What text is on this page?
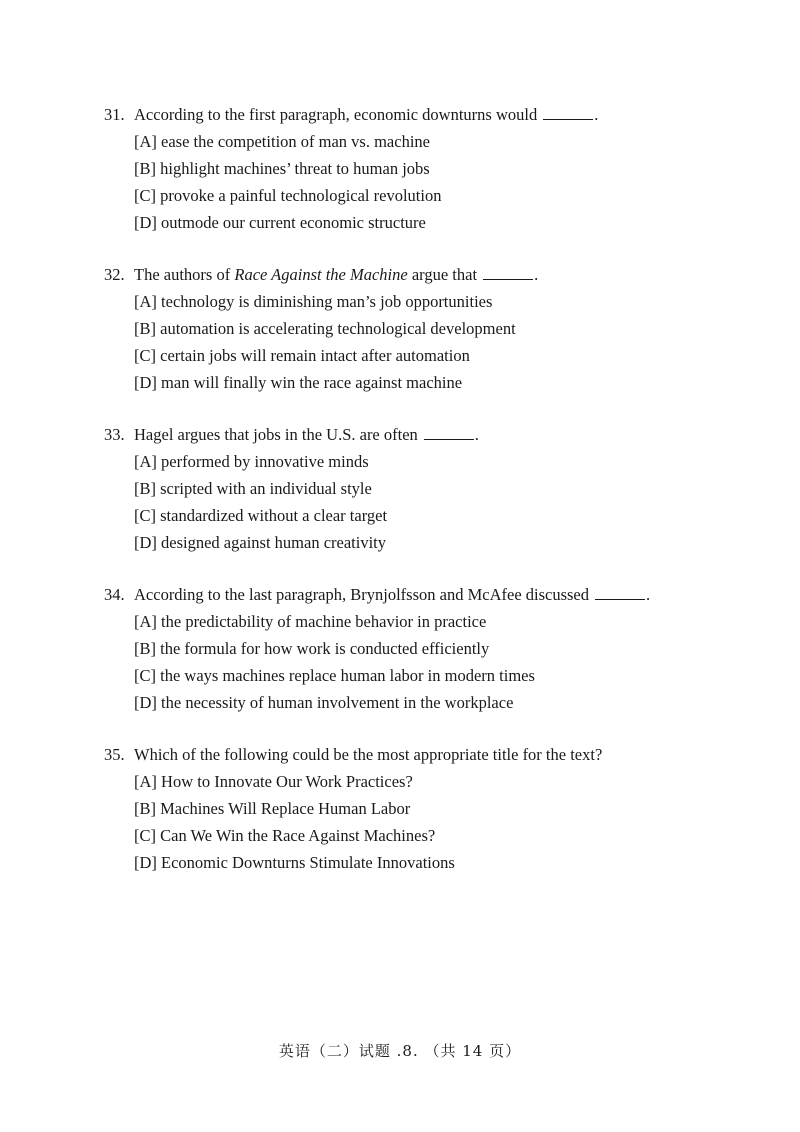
31. According to the first paragraph, economic downturns would	.
[A] ease the competition of man vs. machine
[B] highlight machines’ threat to human jobs
[C] provoke a painful technological revolution
[D] outmode our current economic structure
32. The authors of Race Against the Machine argue that	.
[A] technology is diminishing man’s job opportunities
[B] automation is accelerating technological development
[C] certain jobs will remain intact after automation
[D] man will finally win the race against machine
33. Hagel argues that jobs in the U.S. are often	.
[A] performed by innovative minds
[B] scripted with an individual style
[C] standardized without a clear target
[D] designed against human creativity
34. According to the last paragraph, Brynjolfsson and McAfee discussed	.
[A] the predictability of machine behavior in practice
[B] the formula for how work is conducted efficiently
[C] the ways machines replace human labor in modern times
[D] the necessity of human involvement in the workplace
35. Which of the following could be the most appropriate title for the text?
[A] How to Innovate Our Work Practices?
[B] Machines Will Replace Human Labor
[C] Can We Win the Race Against Machines?
[D] Economic Downturns Stimulate Innovations
英语（二）试题 .8. （共 14 页）
